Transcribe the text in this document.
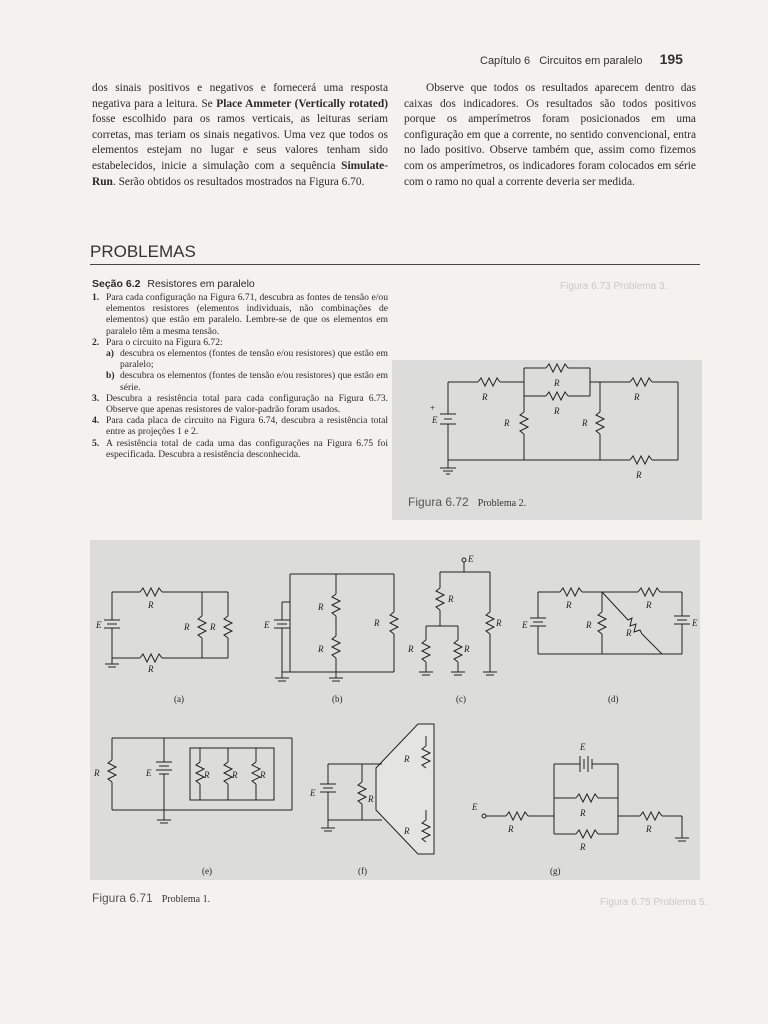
Capítulo 6 Circuitos em paralelo 195
Figura 6.73 Problema 3.
Figura 6.75 Problema 5.

dos sinais positivos e negativos e fornecerá uma resposta negativa para a leitura. Se Place Ammeter (Vertically rotated) fosse escolhido para os ramos verticais, as leituras seriam corretas, mas teriam os sinais negativos. Uma vez que todos os elementos estejam no lugar e seus valores tenham sido estabelecidos, inicie a simulação com a sequência Simulate-Run. Serão obtidos os resultados mostrados na Figura 6.70.

Observe que todos os resultados aparecem dentro das caixas dos indicadores. Os resultados são todos positivos porque os amperímetros foram posicionados em uma configuração em que a corrente, no sentido convencional, entra no lado positivo. Observe também que, assim como fizemos com os amperímetros, os indicadores foram colocados em série com o ramo no qual a corrente deveria ser medida.

PROBLEMAS
Seção 6.2 Resistores em paralelo
1. Para cada configuração na Figura 6.71, descubra as fontes de tensão e/ou elementos resistores (elementos individuais, não combinações de elementos) que estão em paralelo. Lembre-se de que os elementos em paralelo têm a mesma tensão.
2. Para o circuito na Figura 6.72:
a) descubra os elementos (fontes de tensão e/ou resistores) que estão em paralelo;
b) descubra os elementos (fontes de tensão e/ou resistores) que estão em série.
3. Descubra a resistência total para cada configuração na Figura 6.73. Observe que apenas resistores de valor-padrão foram usados.
4. Para cada placa de circuito na Figura 6.74, descubra a resistência total entre as projeções 1 e 2.
5. A resistência total de cada uma das configurações na Figura 6.75 foi especificada. Descubra a resistência desconhecida.
E
+
R
R
R
R
R
R
R
Figura 6.72 Problema 2.
E
R
R R
R
E
R
R
R
E
R
R	R
R E
R
R
R
R
E
R	E	R	R	R
E
R
R
R
E
E
R
R
R
R
(a)	(b)	(c)	(d)
(e)	(f)	(g)
Figura 6.71 Problema 1.
